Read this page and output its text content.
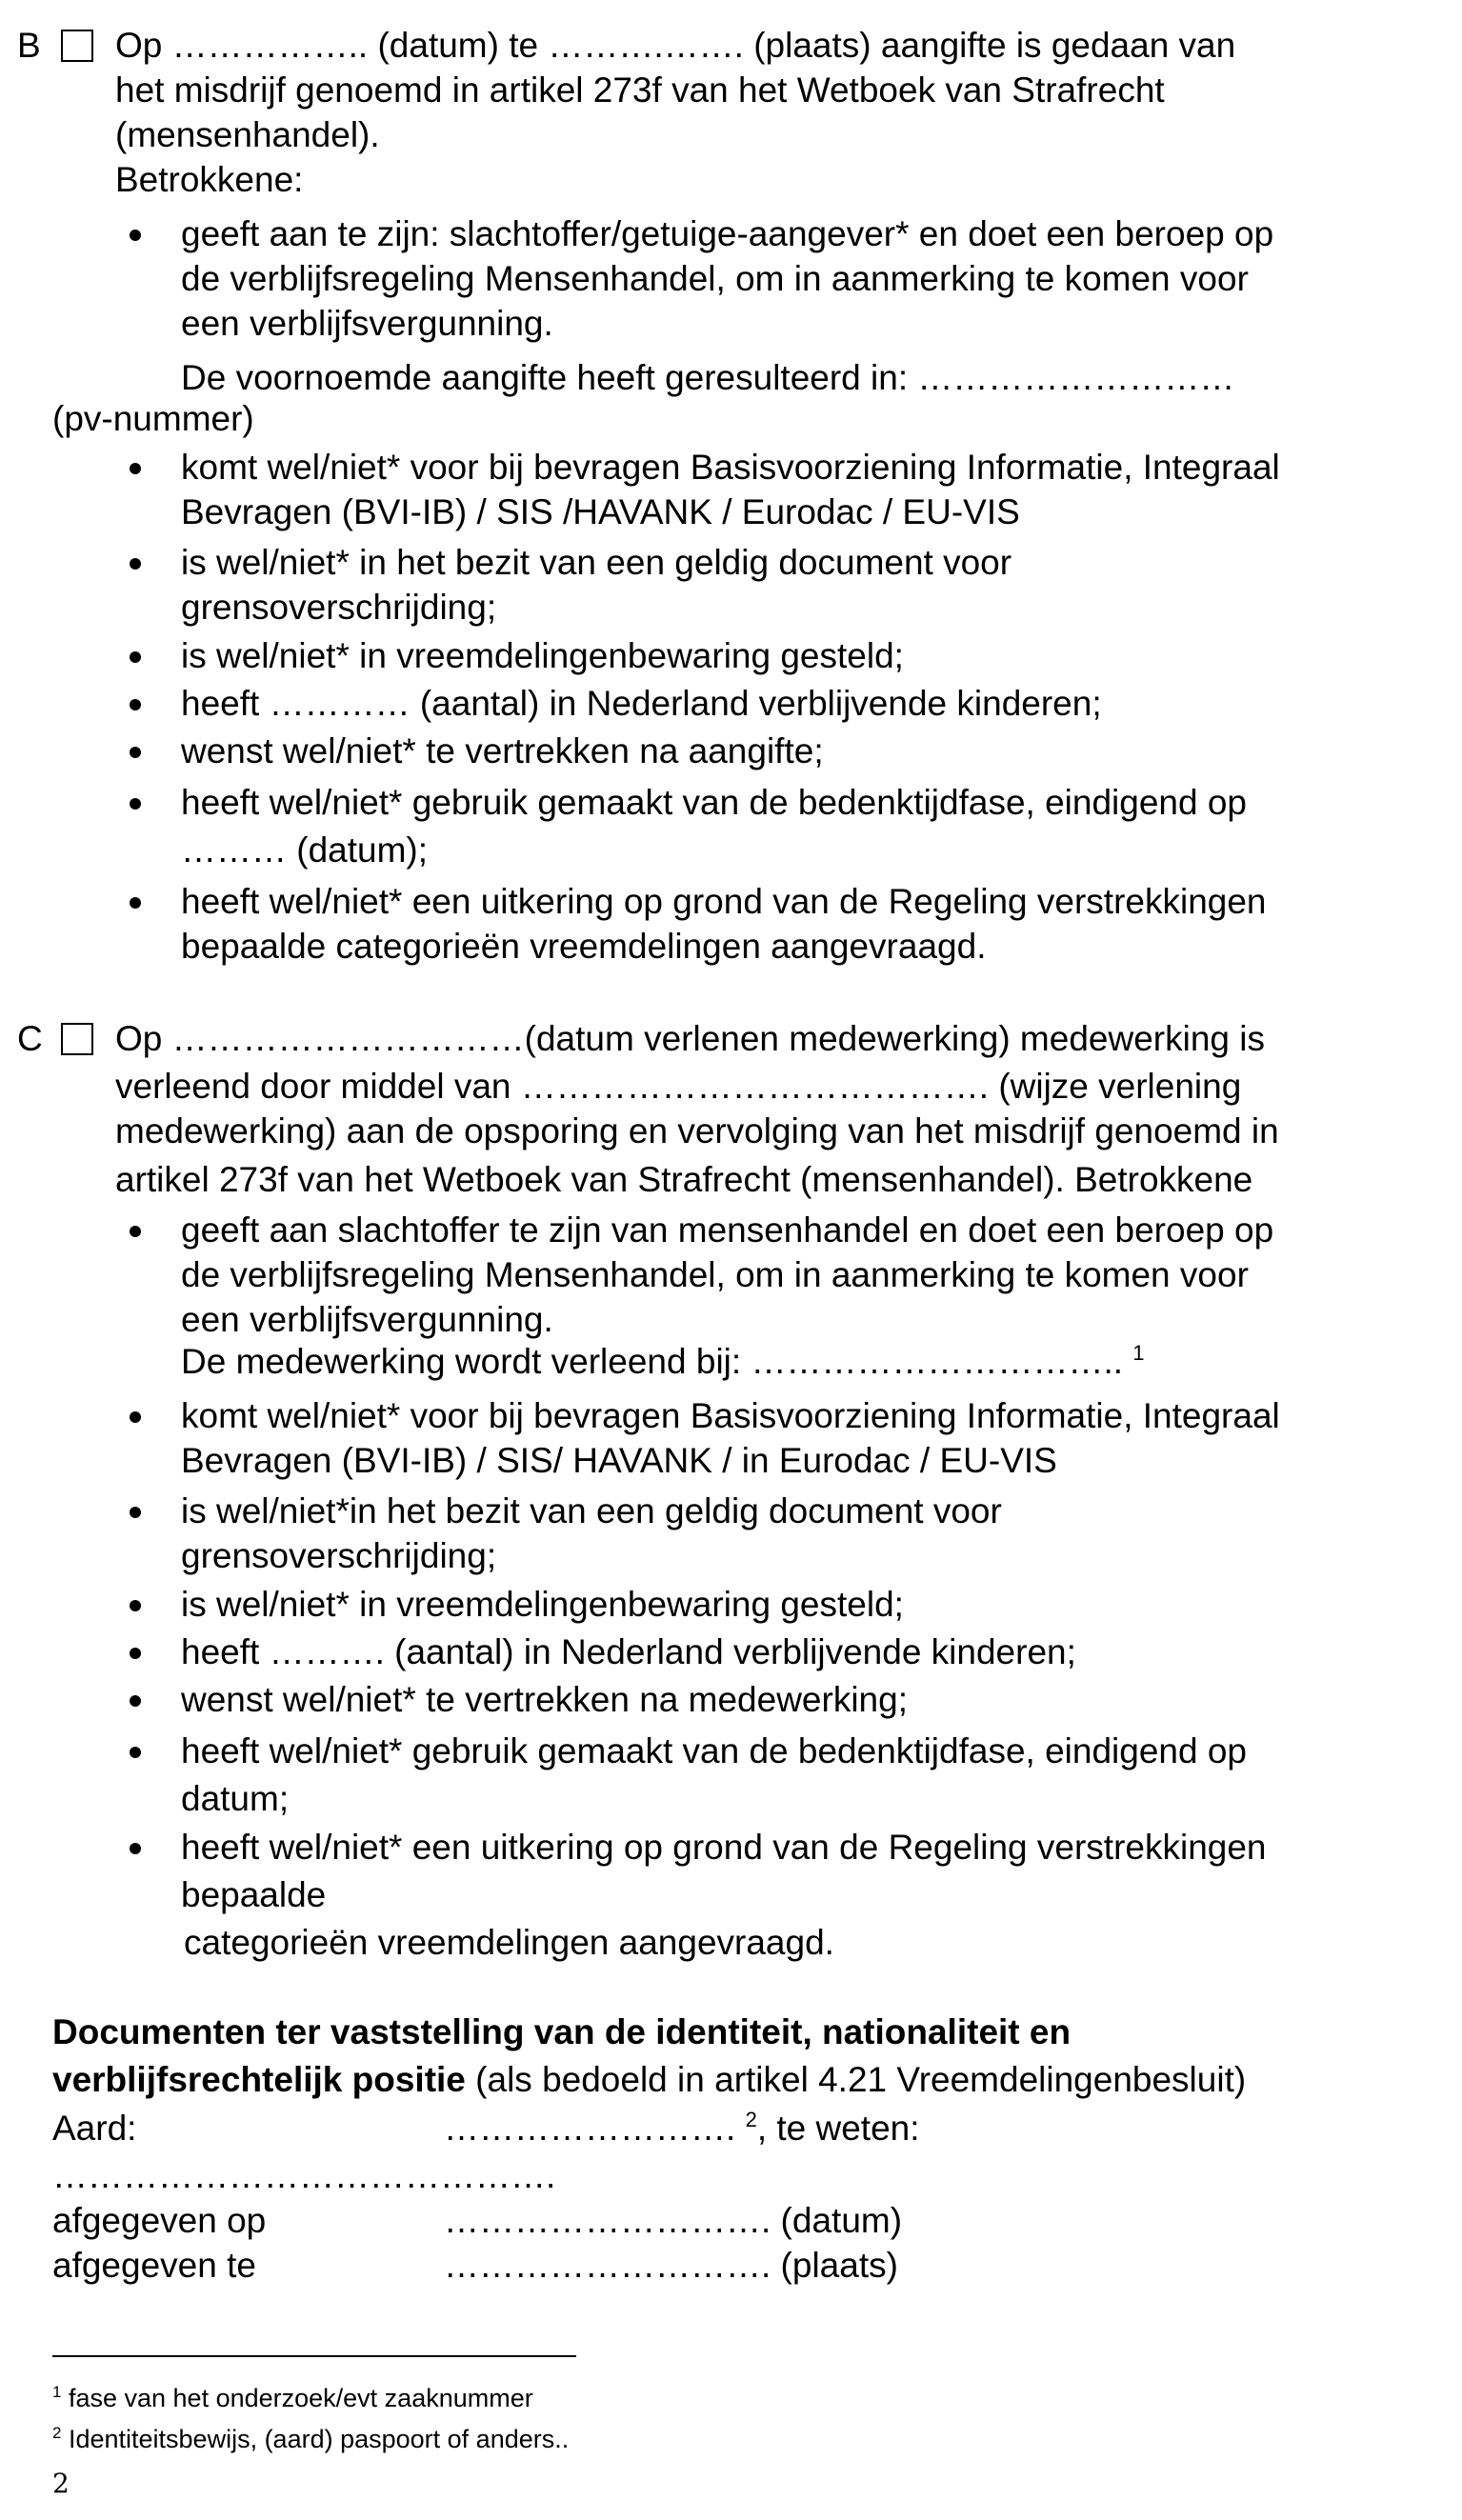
B Op …………….. (datum) te ……….……. (plaats) aangifte is gedaan van
het misdrijf genoemd in artikel 273f van het Wetboek van Strafrecht
(mensenhandel).
Betrokkene:
geeft aan te zijn: slachtoffer/getuige-aangever* en doet een beroep op
de verblijfsregeling Mensenhandel, om in aanmerking te komen voor
een verblijfsvergunning.
De voornoemde aangifte heeft geresulteerd in: ………………………
(pv-nummer)
komt wel/niet* voor bij bevragen Basisvoorziening Informatie, Integraal
Bevragen (BVI-IB) / SIS /HAVANK / Eurodac / EU-VIS
is wel/niet* in het bezit van een geldig document voor
grensoverschrijding;
is wel/niet* in vreemdelingenbewaring gesteld;
heeft ………… (aantal) in Nederland verblijvende kinderen;
wenst wel/niet* te vertrekken na aangifte;
heeft wel/niet* gebruik gemaakt van de bedenktijdfase, eindigend op
……… (datum);
heeft wel/niet* een uitkering op grond van de Regeling verstrekkingen
bepaalde categorieën vreemdelingen aangevraagd.
C Op …………………………(datum verlenen medewerking) medewerking is
verleend door middel van …………………………………. (wijze verlening
medewerking) aan de opsporing en vervolging van het misdrijf genoemd in
artikel 273f van het Wetboek van Strafrecht (mensenhandel). Betrokkene
geeft aan slachtoffer te zijn van mensenhandel en doet een beroep op
de verblijfsregeling Mensenhandel, om in aanmerking te komen voor
een verblijfsvergunning.
De medewerking wordt verleend bij: ………………………….. $^1$
komt wel/niet* voor bij bevragen Basisvoorziening Informatie, Integraal
Bevragen (BVI-IB) / SIS/ HAVANK / in Eurodac / EU-VIS
is wel/niet*in het bezit van een geldig document voor
grensoverschrijding;
is wel/niet* in vreemdelingenbewaring gesteld;
heeft ………. (aantal) in Nederland verblijvende kinderen;
wenst wel/niet* te vertrekken na medewerking;
heeft wel/niet* gebruik gemaakt van de bedenktijdfase, eindigend op
datum;
heeft wel/niet* een uitkering op grond van de Regeling verstrekkingen
bepaalde
categorieën vreemdelingen aangevraagd.
Documenten ter vaststelling van de identiteit, nationaliteit en
verblijfsrechtelijk positie (als bedoeld in artikel 4.21 Vreemdelingenbesluit)
Aard:	……………………. $^2$, te weten:
…………………………………….
afgegeven op	………………………. (datum)
afgegeven te	………………………. (plaats)
$^1$ fase van het onderzoek/evt zaaknummer
$^2$ Identiteitsbewijs, (aard) paspoort of anders..
2
